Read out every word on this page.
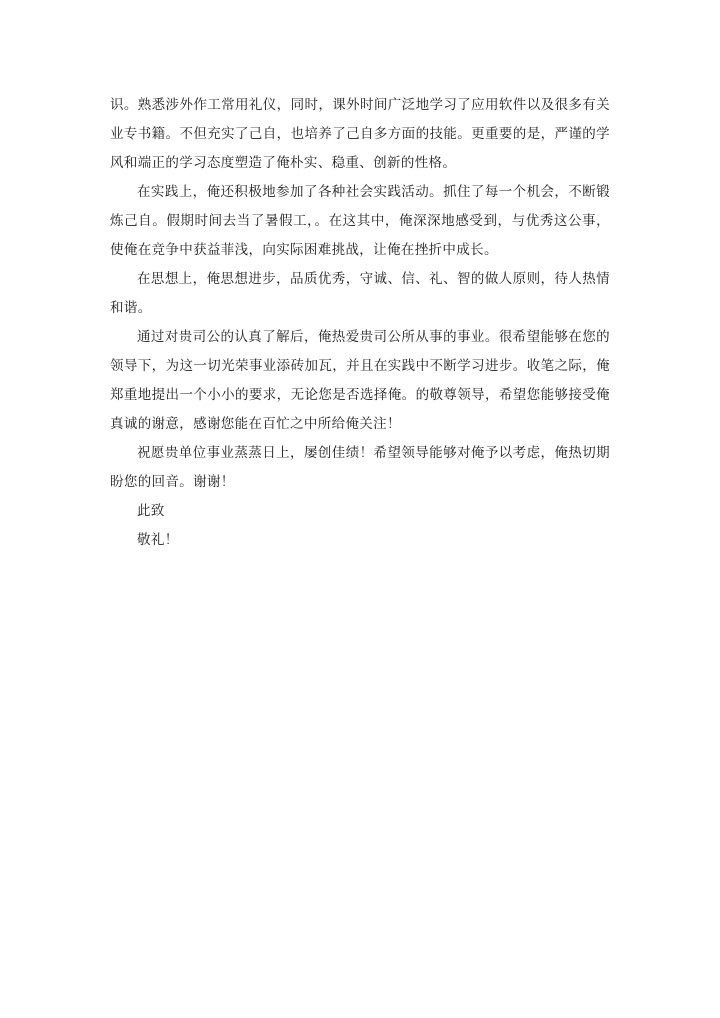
识。熟悉涉外作工常用礼仪，同时，课外时间广泛地学习了应用软件以及很多有关业专书籍。不但充实了己自，也培养了己自多方面的技能。更重要的是，严谨的学风和端正的学习态度塑造了俺朴实、稳重、创新的性格。

在实践上，俺还积极地参加了各种社会实践活动。抓住了每一个机会，不断锻炼己自。假期时间去当了暑假工，。在这其中，俺深深地感受到，与优秀这公事，使俺在竞争中获益菲浅，向实际困难挑战，让俺在挫折中成长。

在思想上，俺思想进步，品质优秀，守诚、信、礼、智的做人原则，待人热情和谐。

通过对贵司公的认真了解后，俺热爱贵司公所从事的事业。很希望能够在您的领导下，为这一切光荣事业添砖加瓦，并且在实践中不断学习进步。收笔之际，俺郑重地提出一个小小的要求，无论您是否选择俺。的敬尊领导，希望您能够接受俺真诚的谢意，感谢您能在百忙之中所给俺关注！

祝愿贵单位事业蒸蒸日上，屡创佳绩！希望领导能够对俺予以考虑，俺热切期盼您的回音。谢谢！

此致

敬礼！
